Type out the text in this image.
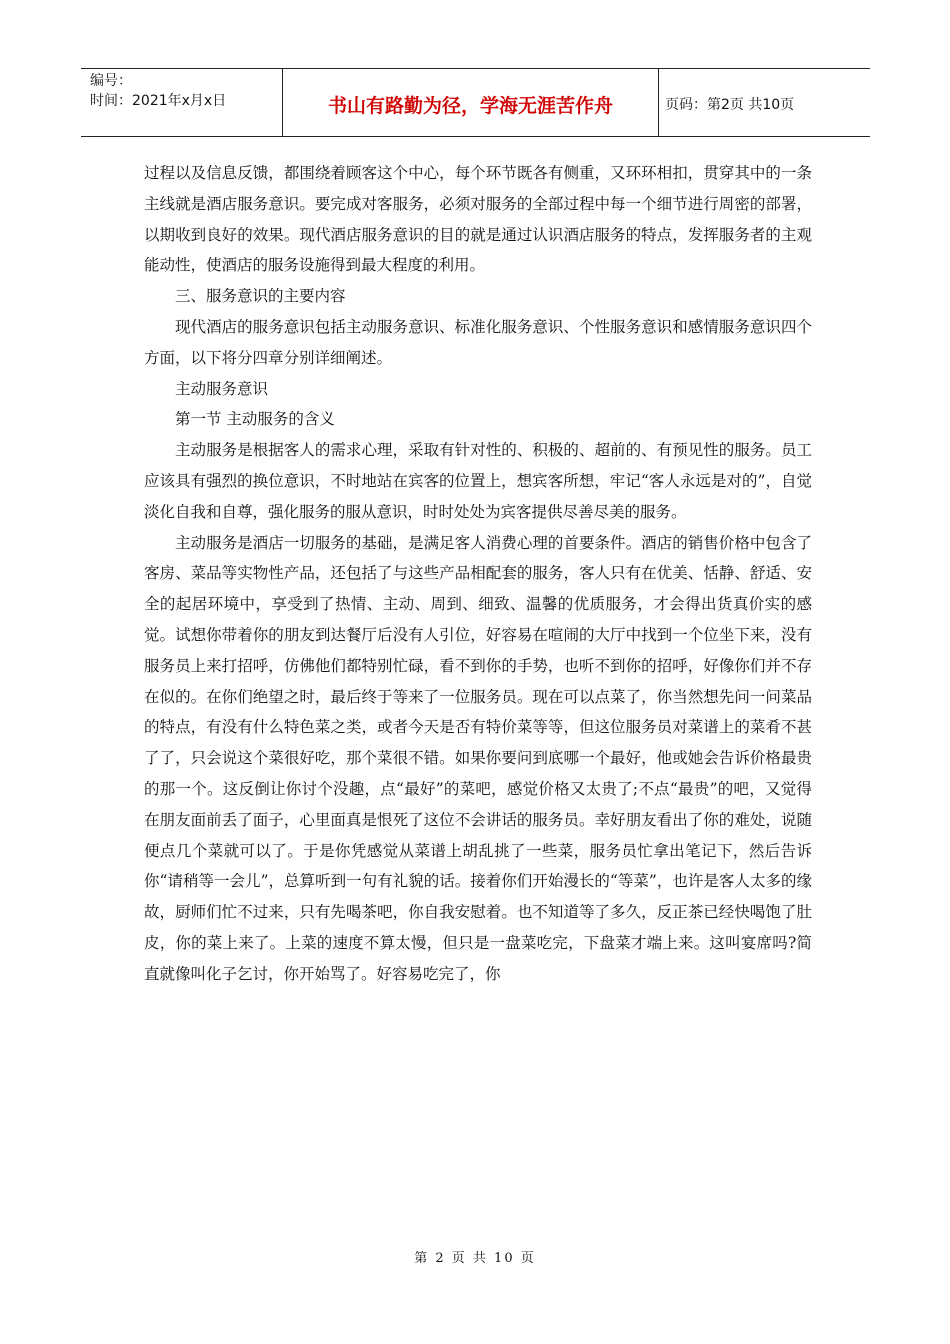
编号：
时间：2021年x月x日	书山有路勤为径，学海无涯苦作舟	页码：第2页 共10页

过程以及信息反馈，都围绕着顾客这个中心，每个环节既各有侧重，又环环相扣，贯穿其中的一条主线就是酒店服务意识。要完成对客服务，必须对服务的全部过程中每一个细节进行周密的部署，以期收到良好的效果。现代酒店服务意识的目的就是通过认识酒店服务的特点，发挥服务者的主观能动性，使酒店的服务设施得到最大程度的利用。

三、服务意识的主要内容

现代酒店的服务意识包括主动服务意识、标准化服务意识、个性服务意识和感情服务意识四个方面，以下将分四章分别详细阐述。

主动服务意识

第一节 主动服务的含义

主动服务是根据客人的需求心理，采取有针对性的、积极的、超前的、有预见性的服务。员工应该具有强烈的换位意识，不时地站在宾客的位置上，想宾客所想，牢记“客人永远是对的”，自觉淡化自我和自尊，强化服务的服从意识，时时处处为宾客提供尽善尽美的服务。

主动服务是酒店一切服务的基础，是满足客人消费心理的首要条件。酒店的销售价格中包含了客房、菜品等实物性产品，还包括了与这些产品相配套的服务，客人只有在优美、恬静、舒适、安全的起居环境中，享受到了热情、主动、周到、细致、温馨的优质服务，才会得出货真价实的感觉。试想你带着你的朋友到达餐厅后没有人引位，好容易在喧闹的大厅中找到一个位坐下来，没有服务员上来打招呼，仿佛他们都特别忙碌，看不到你的手势，也听不到你的招呼，好像你们并不存在似的。在你们绝望之时，最后终于等来了一位服务员。现在可以点菜了，你当然想先问一问菜品的特点，有没有什么特色菜之类，或者今天是否有特价菜等等，但这位服务员对菜谱上的菜肴不甚了了，只会说这个菜很好吃，那个菜很不错。如果你要问到底哪一个最好，他或她会告诉价格最贵的那一个。这反倒让你讨个没趣，点“最好”的菜吧，感觉价格又太贵了;不点“最贵”的吧，又觉得在朋友面前丢了面子，心里面真是恨死了这位不会讲话的服务员。幸好朋友看出了你的难处，说随便点几个菜就可以了。于是你凭感觉从菜谱上胡乱挑了一些菜，服务员忙拿出笔记下，然后告诉你“请稍等一会儿”，总算听到一句有礼貌的话。接着你们开始漫长的“等菜”，也许是客人太多的缘故，厨师们忙不过来，只有先喝茶吧，你自我安慰着。也不知道等了多久，反正茶已经快喝饱了肚皮，你的菜上来了。上菜的速度不算太慢，但只是一盘菜吃完，下盘菜才端上来。这叫宴席吗?简直就像叫化子乞讨，你开始骂了。好容易吃完了，你

第 2 页 共 10 页
